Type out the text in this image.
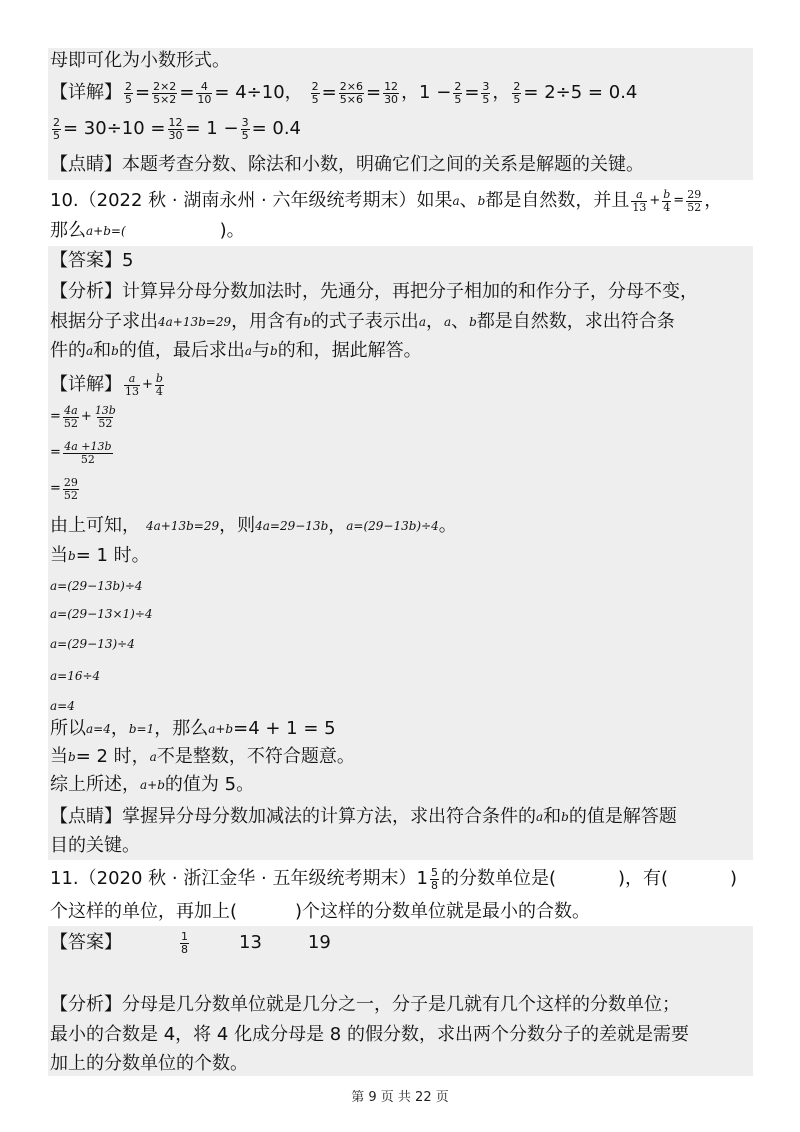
母即可化为小数形式。
【详解】 $\frac{2}{5} = \frac{2\times 2}{5\times 2} = \frac{4}{10} = 4\div 10$， $\frac{2}{5} = \frac{2\times 6}{5\times 6} = \frac{12}{30}$ ，$1 - \frac{2}{5} = \frac{3}{5}$ ， $\frac{2}{5} = 2\div 5 = 0.4$
$\frac{2}{5} = 30\div 10 = \frac{12}{30} = 1 - \frac{3}{5} = 0.4$
【点睛】 本题考查分数、除法和小数，明确它们之间的关系是解题的关键。
10.（2022 秋 · 湖南永州 · 六年级统考期末）如果 a 、 b 都是自然数，并且 $\frac{a}{13} + \frac{b}{4} = \frac{29}{52}$ ，
那么 a+b=(	)。
【答案】 5
【分析】 计算异分母分数加法时，先通分，再把分子相加的和作分子，分母不变，
根据分子求出 4a+13b=29 ，用含有 b 的式子表示出 a ， a 、 b 都是自然数，求出符合条
件的 a 和 b 的值，最后求出 a 与 b 的和，据此解答。
【详解】 $\frac{a}{13} + \frac{b}{4}$
= $\frac{4a}{52} + \frac{13b}{52}$
= $\frac{4a +13b}{52}$
= $\frac{29}{52}$
由上可知， 4a+13b=29 ，则 4a=29−13b ， a=(29−13b)÷4 。
当 b = 1 时。
a=(29−13b)÷4
a=(29−13×1)÷4
a=(29−13)÷4
a=16÷4
a=4
所以 a=4 ， b=1 ，那么 a+b =4 + 1 = 5
当 b = 2 时， a 不是整数，不符合题意。
综上所述， a+b 的值为 5。
【点睛】 掌握异分母分数加减法的计算方法，求出符合条件的 a 和 b 的值是解答题
目的关键。
11.（2020 秋 · 浙江金华 · 五年级统考期末） $1 \frac{5}{8}$ 的分数单位是(	)，有(	)
个这样的单位，再加上(	)个这样的分数单位就是最小的合数。
【答案】	$\frac{1}{8}$	13	19
【分析】 分母是几分数单位就是几分之一，分子是几就有几个这样的分数单位；
最小的合数是 4，将 4 化成分母是 8 的假分数，求出两个分数分子的差就是需要
加上的分数单位的个数。
第 9 页 共 22 页
